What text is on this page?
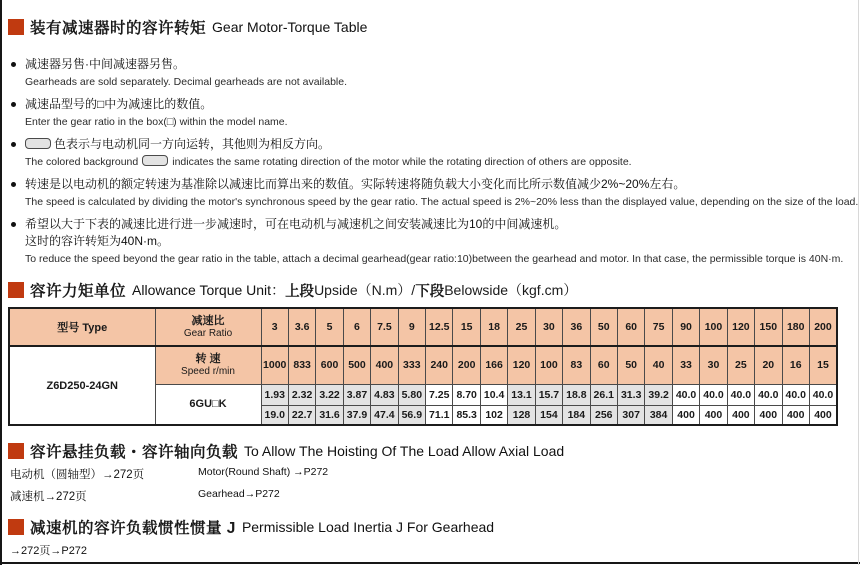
装有减速器时的容许转矩 Gear Motor-Torque Table
减速器另售·中间减速器另售。
Gearheads are sold separately. Decimal gearheads are not available.
减速品型号的□中为减速比的数值。
Enter the gear ratio in the box(□) within the model name.
色表示与电动机同一方向运转，其他则为相反方向。
The colored background	indicates the same rotating direction of the motor while the rotating direction of others are opposite.
转速是以电动机的额定转速为基准除以减速比而算出来的数值。实际转速将随负载大小变化而比所示数值减少2%~20%左右。
The speed is calculated by dividing the motor's synchronous speed by the gear ratio. The actual speed is 2%~20% less than the displayed value, depending on the size of the load.
希望以大于下表的减速比进行进一步减速时，可在电动机与减速机之间安装减速比为10的中间减速机。
这时的容许转矩为40N·m。
To reduce the speed beyond the gear ratio in the table, attach a decimal gearhead(gear ratio:10)between the gearhead and motor. In that case, the permissible torque is 40N·m.
容许力矩单位 Allowance Torque Unit ： 上段 Upside（N.m）/ 下段 Belowside（kgf.cm）
型号 Type	减速比
Gear Ratio	3	3.6	5	6	7.5	9	12.5	15	18	25	30	36	50	60	75	90	100	120	150	180	200
Z6D250-24GN	转 速
Speed r/min	1000	833	600	500	400	333	240	200	166	120	100	83	60	50	40	33	30	25	20	16	15
	6GU□K	1.93	2.32	3.22	3.87	4.83	5.80	7.25	8.70	10.4	13.1	15.7	18.8	26.1	31.3	39.2	40.0	40.0	40.0	40.0	40.0	40.0
		19.0	22.7	31.6	37.9	47.4	56.9	71.1	85.3	102	128	154	184	256	307	384	400	400	400	400	400	400
容许悬挂负载・容许轴向负载 To Allow The Hoisting Of The Load Allow Axial Load
电动机（圆轴型）→272页	Motor(Round Shaft) →P272
减速机→272页	Gearhead→P272
减速机的容许负载惯性惯量 J Permissible Load Inertia J For Gearhead
→272页→P272
